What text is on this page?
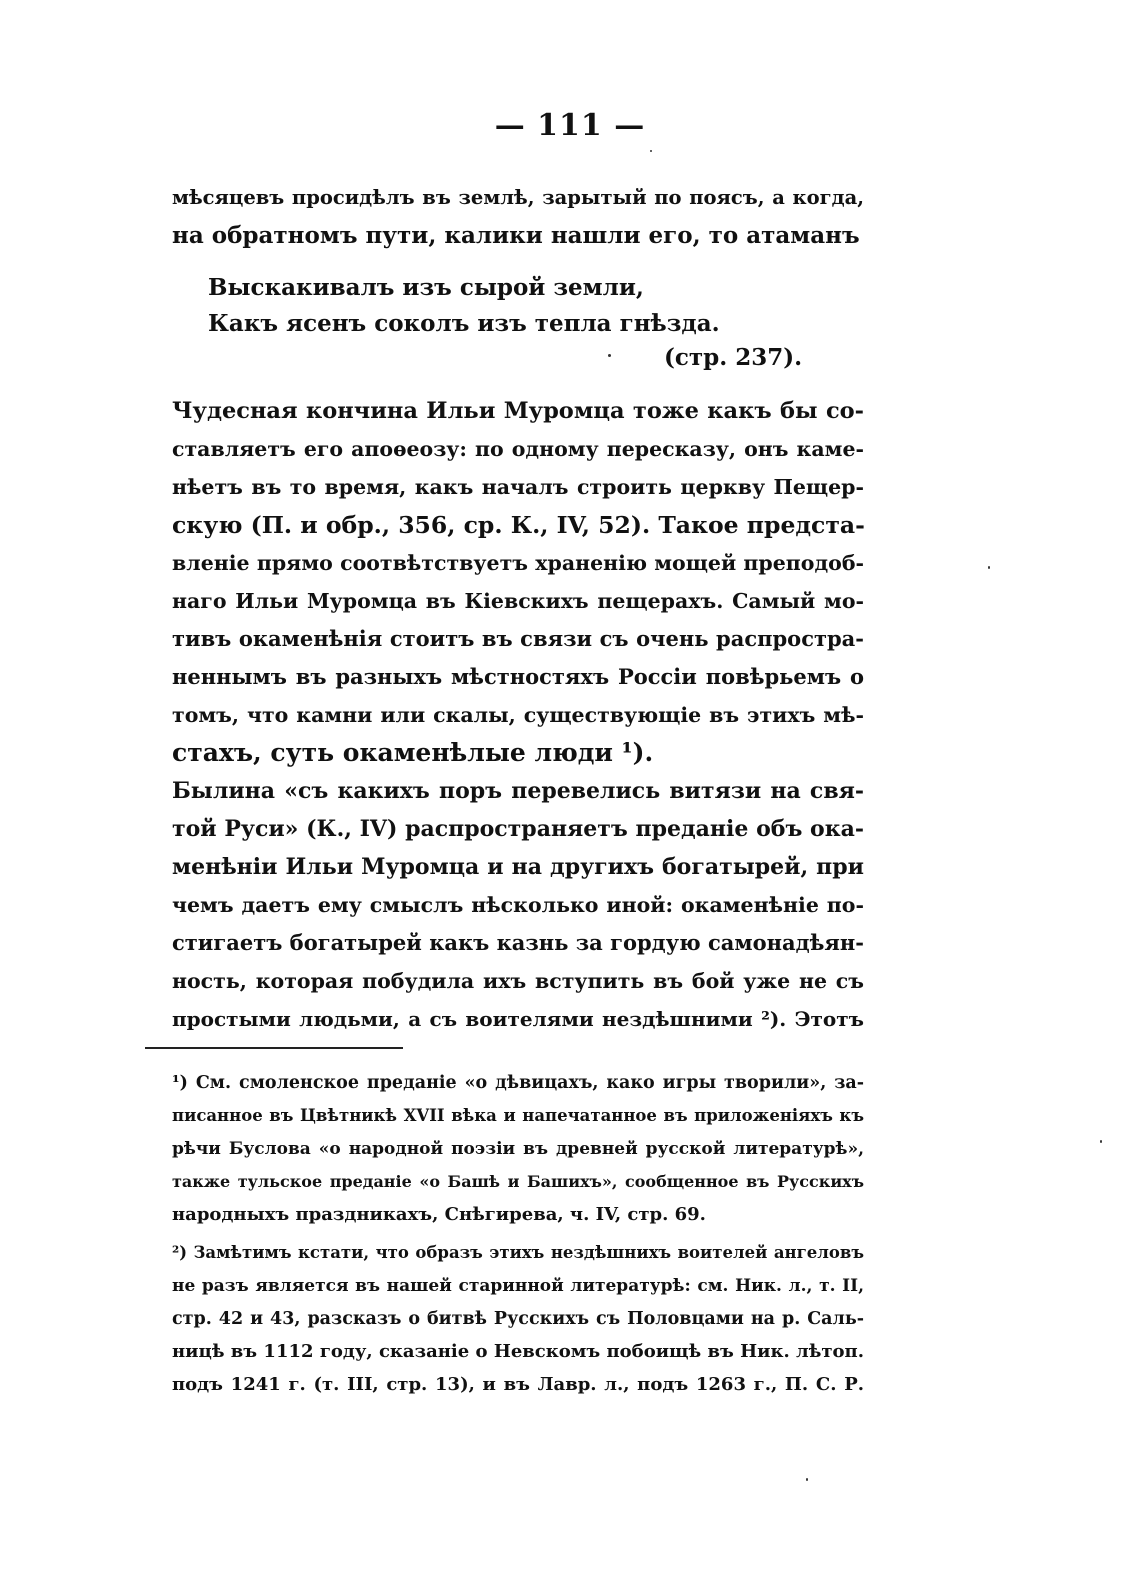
— 111 —
мѣсяцевъ просидѣлъ въ землѣ, зарытый по поясъ, а когда,
на обратномъ пути, калики нашли его, то атаманъ
Выскакивалъ изъ сырой земли,
Какъ ясенъ соколъ изъ тепла гнѣзда.
(стр. 237).
Чудесная кончина Ильи Муромца тоже какъ бы со-
ставляетъ его апоѳеозу: по одному пересказу, онъ каме-
нѣетъ въ то время, какъ началъ строить церкву Пещер-
скую (П. и обр., 356, ср. К., IV, 52). Такое предста-
вленіе прямо соотвѣтствуетъ храненію мощей преподоб-
наго Ильи Муромца въ Кіевскихъ пещерахъ. Самый мо-
тивъ окаменѣнія стоитъ въ связи съ очень распростра-
неннымъ въ разныхъ мѣстностяхъ Россіи повѣрьемъ о
томъ, что камни или скалы, существующіе въ этихъ мѣ-
стахъ, суть окаменѣлые люди ¹).
Былина «съ какихъ поръ перевелись витязи на свя-
той Руси» (К., IV) распространяетъ преданіе объ ока-
менѣніи Ильи Муромца и на другихъ богатырей, при
чемъ даетъ ему смыслъ нѣсколько иной: окаменѣніе по-
стигаетъ богатырей какъ казнь за гордую самонадѣян-
ность, которая побудила ихъ вступить въ бой уже не съ
простыми людьми, а съ воителями нездѣшними ²). Этотъ
¹) См. смоленское преданіе «о дѣвицахъ, како игры творили», за-
писанное въ Цвѣтникѣ XVII вѣка и напечатанное въ приложеніяхъ къ
рѣчи Буслова «о народной поэзіи въ древней русской литературѣ»,
также тульское преданіе «о Башѣ и Башихъ», сообщенное въ Русскихъ
народныхъ праздникахъ, Снѣгирева, ч. IV, стр. 69.
²) Замѣтимъ кстати, что образъ этихъ нездѣшнихъ воителей ангеловъ
не разъ является въ нашей старинной литературѣ: см. Ник. л., т. II,
стр. 42 и 43, разсказъ о битвѣ Русскихъ съ Половцами на р. Саль-
ницѣ въ 1112 году, сказаніе о Невскомъ побоищѣ въ Ник. лѣтоп.
подъ 1241 г. (т. III, стр. 13), и въ Лавр. л., подъ 1263 г., П. С. Р.
